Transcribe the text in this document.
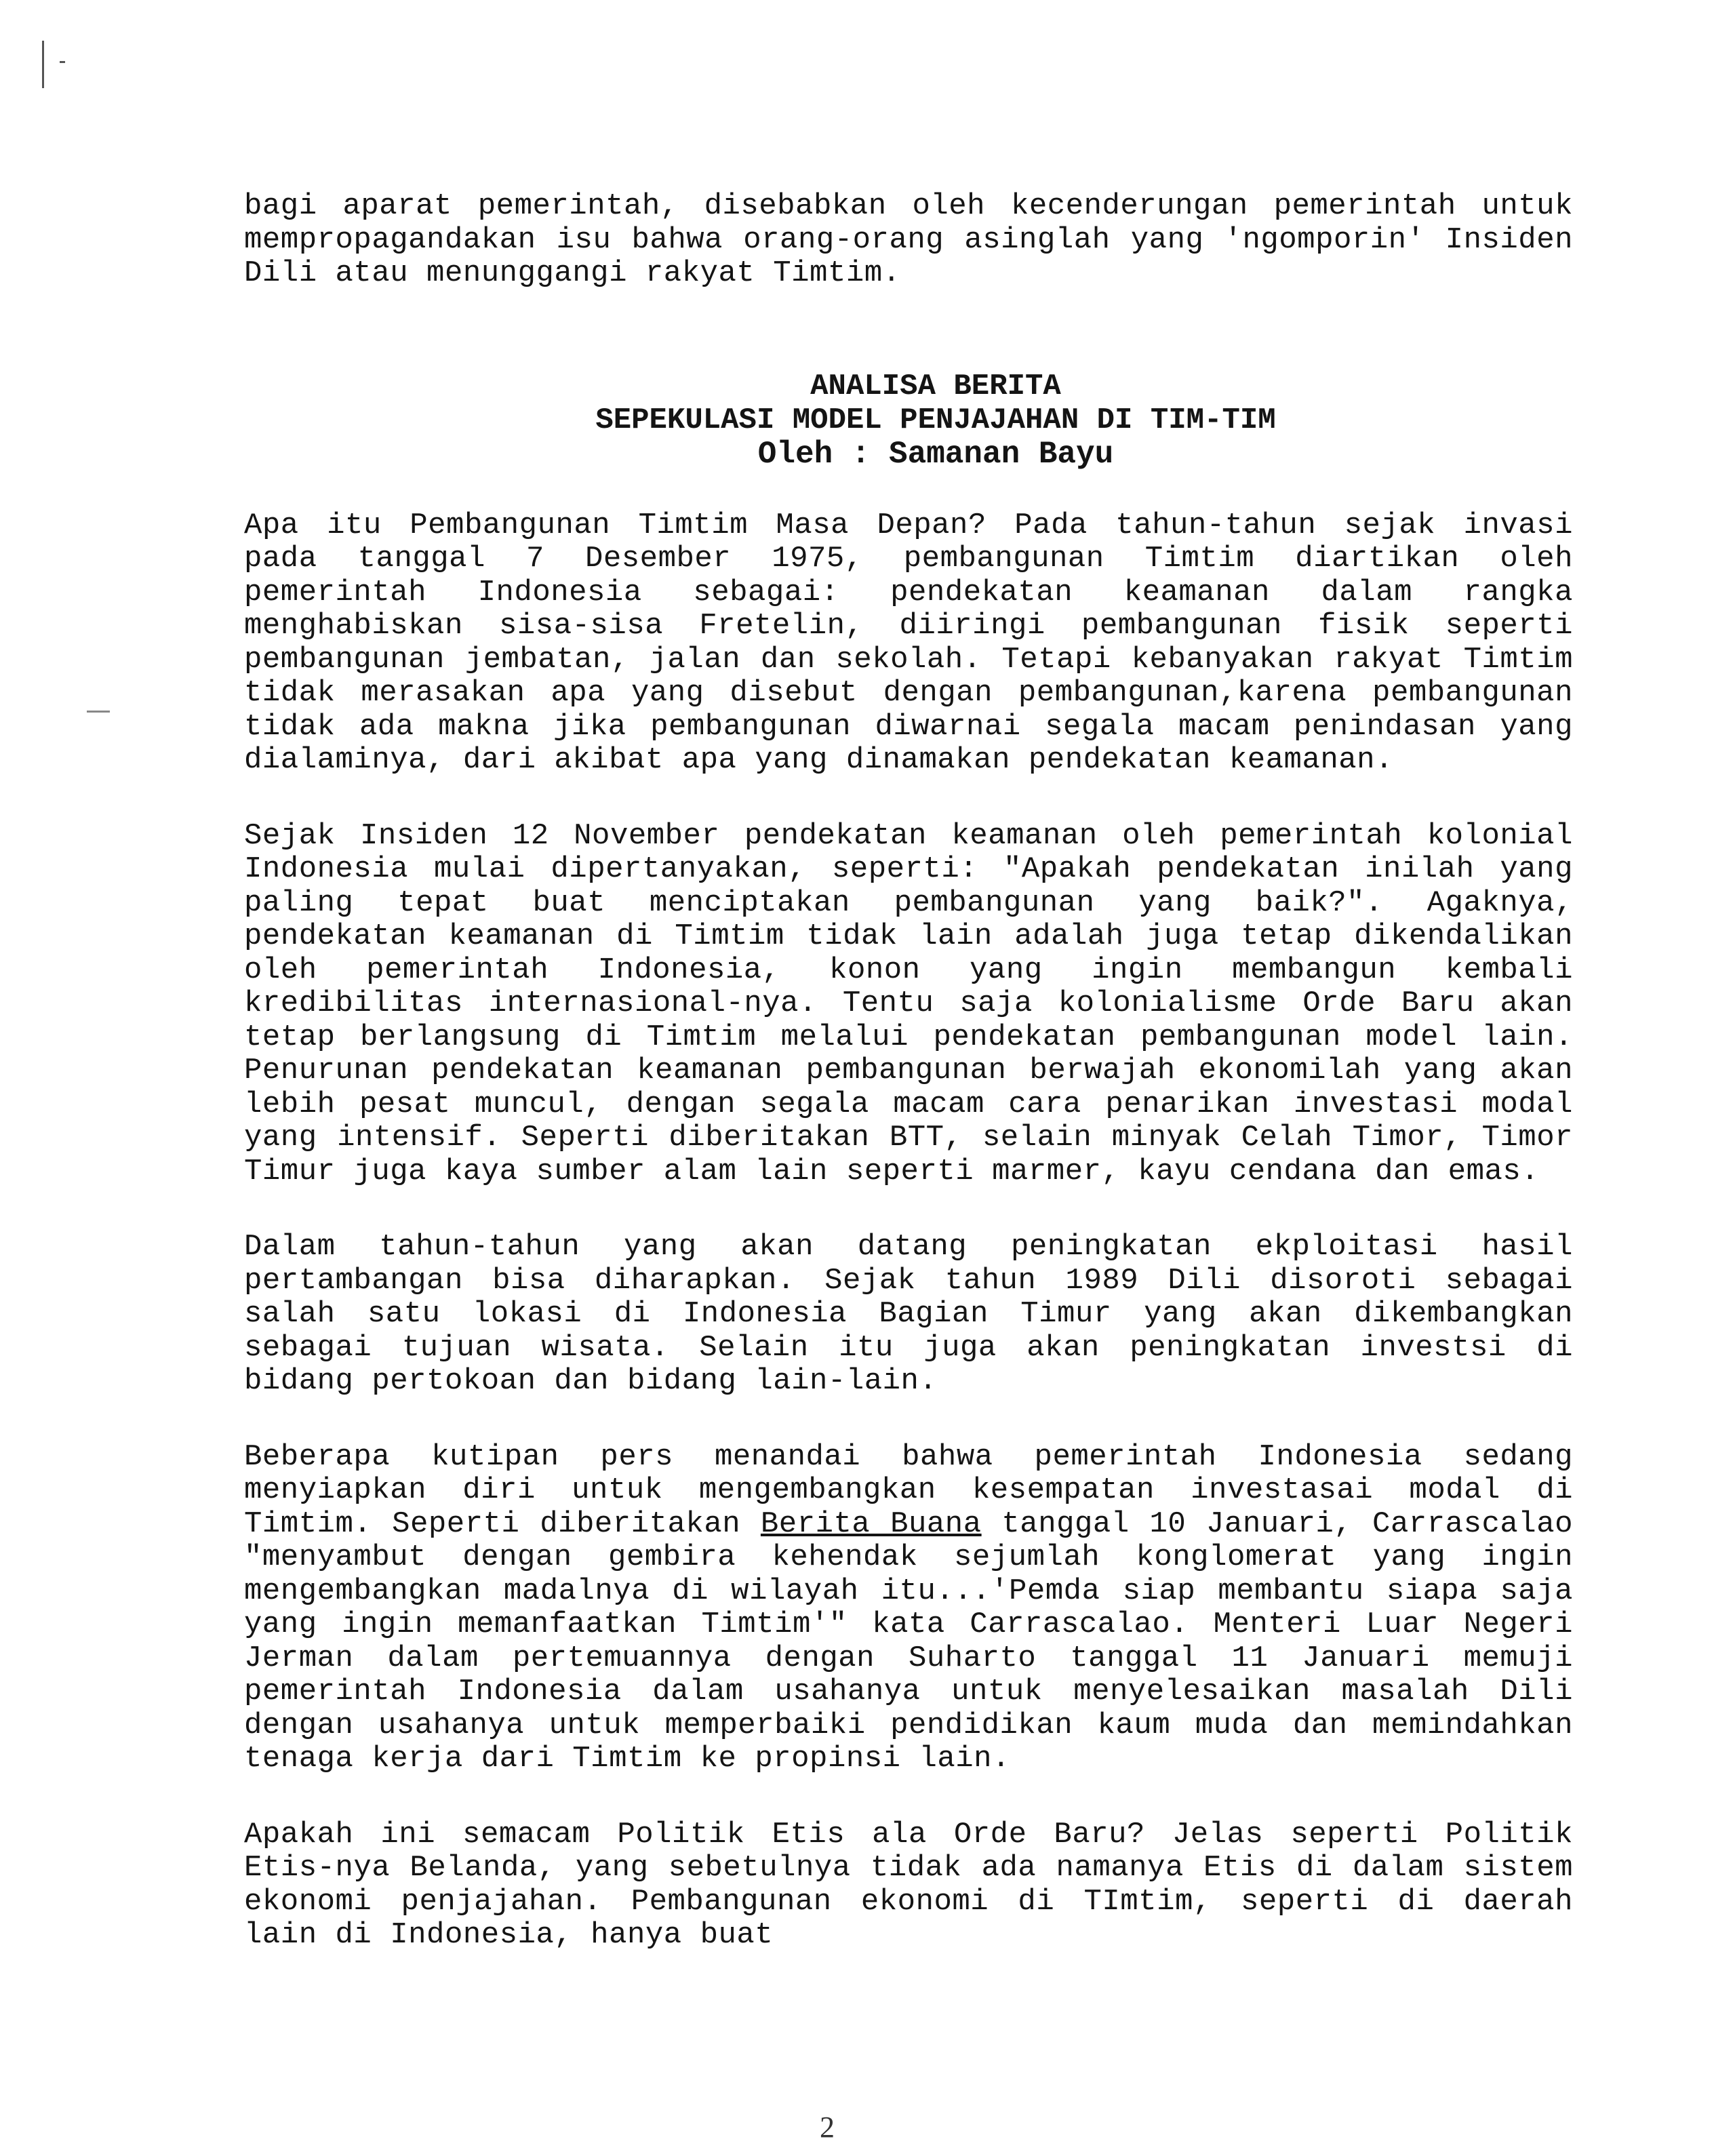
bagi aparat pemerintah, disebabkan oleh kecenderungan pemerintah untuk mempropagandakan isu bahwa orang-orang asinglah yang 'ngomporin' Insiden Dili atau menunggangi rakyat Timtim.

ANALISA BERITA
SEPEKULASI MODEL PENJAJAHAN DI TIM-TIM
Oleh : Samanan Bayu

Apa itu Pembangunan Timtim Masa Depan? Pada tahun-tahun sejak invasi pada tanggal 7 Desember 1975, pembangunan Timtim diartikan oleh pemerintah Indonesia sebagai: pendekatan keamanan dalam rangka menghabiskan sisa-sisa Fretelin, diiringi pembangunan fisik seperti pembangunan jembatan, jalan dan sekolah. Tetapi kebanyakan rakyat Timtim tidak merasakan apa yang disebut dengan pembangunan,karena pembangunan tidak ada makna jika pembangunan diwarnai segala macam penindasan yang dialaminya, dari akibat apa yang dinamakan pendekatan keamanan.

Sejak Insiden 12 November pendekatan keamanan oleh pemerintah kolonial Indonesia mulai dipertanyakan, seperti: "Apakah pendekatan inilah yang paling tepat buat menciptakan pembangunan yang baik?". Agaknya, pendekatan keamanan di Timtim tidak lain adalah juga tetap dikendalikan oleh pemerintah Indonesia, konon yang ingin membangun kembali kredibilitas internasional-nya. Tentu saja kolonialisme Orde Baru akan tetap berlangsung di Timtim melalui pendekatan pembangunan model lain. Penurunan pendekatan keamanan pembangunan berwajah ekonomilah yang akan lebih pesat muncul, dengan segala macam cara penarikan investasi modal yang intensif. Seperti diberitakan BTT, selain minyak Celah Timor, Timor Timur juga kaya sumber alam lain seperti marmer, kayu cendana dan emas.

Dalam tahun-tahun yang akan datang peningkatan ekploitasi hasil pertambangan bisa diharapkan. Sejak tahun 1989 Dili disoroti sebagai salah satu lokasi di Indonesia Bagian Timur yang akan dikembangkan sebagai tujuan wisata. Selain itu juga akan peningkatan investsi di bidang pertokoan dan bidang lain-lain.

Beberapa kutipan pers menandai bahwa pemerintah Indonesia sedang menyiapkan diri untuk mengembangkan kesempatan investasai modal di Timtim. Seperti diberitakan Berita Buana tanggal 10 Januari, Carrascalao "menyambut dengan gembira kehendak sejumlah konglomerat yang ingin mengembangkan madalnya di wilayah itu...'Pemda siap membantu siapa saja yang ingin memanfaatkan Timtim'" kata Carrascalao. Menteri Luar Negeri Jerman dalam pertemuannya dengan Suharto tanggal 11 Januari memuji pemerintah Indonesia dalam usahanya untuk menyelesaikan masalah Dili dengan usahanya untuk memperbaiki pendidikan kaum muda dan memindahkan tenaga kerja dari Timtim ke propinsi lain.

Apakah ini semacam Politik Etis ala Orde Baru? Jelas seperti Politik Etis-nya Belanda, yang sebetulnya tidak ada namanya Etis di dalam sistem ekonomi penjajahan. Pembangunan ekonomi di TImtim, seperti di daerah lain di Indonesia, hanya buat

2
